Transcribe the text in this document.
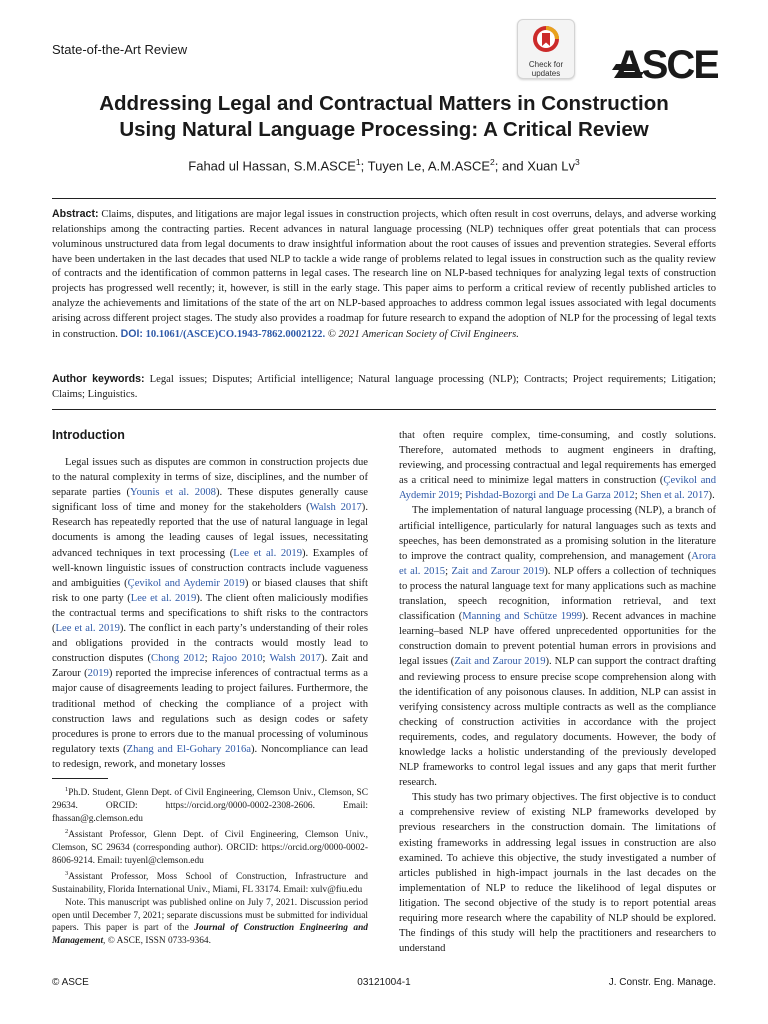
State-of-the-Art Review
Check for
updates	ASCE
Addressing Legal and Contractual Matters in Construction
Using Natural Language Processing: A Critical Review
Fahad ul Hassan, S.M.ASCE$^1$; Tuyen Le, A.M.ASCE$^2$; and Xuan Lv$^3$

Abstract: Claims, disputes, and litigations are major legal issues in construction projects, which often result in cost overruns, delays, and adverse working relationships among the contracting parties. Recent advances in natural language processing (NLP) techniques offer great potentials that can process voluminous unstructured data from legal documents to draw insightful information about the root causes of issues and prevention strategies. Several efforts have been undertaken in the last decades that used NLP to tackle a wide range of problems related to legal issues in construction such as the quality review of contracts and the identification of common patterns in legal cases. The research line on NLP-based techniques for analyzing legal texts of construction projects has progressed well recently; it, however, is still in the early stage. This paper aims to perform a critical review of recently published articles to analyze the achievements and limitations of the state of the art on NLP-based approaches to address common legal issues associated with legal documents arising across different project stages. The study also provides a roadmap for future research to expand the adoption of NLP for the processing of legal texts in construction. DOI: 10.1061/(ASCE)CO.1943-7862.0002122. © 2021 American Society of Civil Engineers.

Author keywords: Legal issues; Disputes; Artificial intelligence; Natural language processing (NLP); Contracts; Project requirements; Litigation; Claims; Linguistics.

Introduction

Legal issues such as disputes are common in construction projects due to the natural complexity in terms of size, disciplines, and the number of separate parties (Younis et al. 2008). These disputes generally cause significant loss of time and money for the stakeholders (Walsh 2017). Research has repeatedly reported that the use of natural language in legal documents is among the leading causes of legal issues, necessitating advanced techniques in text processing (Lee et al. 2019). Examples of well-known linguistic issues of construction contracts include vagueness and ambiguities (Çevikol and Aydemir 2019) or biased clauses that shift risk to one party (Lee et al. 2019). The client often maliciously modifies the contractual terms and specifications to shift risks to the contractors (Lee et al. 2019). The conflict in each party’s understanding of their roles and obligations provided in the contracts would mostly lead to construction disputes (Chong 2012; Rajoo 2010; Walsh 2017). Zait and Zarour (2019) reported the imprecise inferences of contractual terms as a major cause of disagreements leading to project failures. Furthermore, the traditional method of checking the compliance of a project with construction laws and regulations such as design codes or safety procedures is prone to errors due to the manual processing of voluminous regulatory texts (Zhang and El-Gohary 2016a). Noncompliance can lead to redesign, rework, and monetary losses

that often require complex, time-consuming, and costly solutions. Therefore, automated methods to augment engineers in drafting, reviewing, and processing contractual and legal requirements has emerged as a critical need to minimize legal matters in construction (Çevikol and Aydemir 2019; Pishdad-Bozorgi and De La Garza 2012; Shen et al. 2017).

The implementation of natural language processing (NLP), a branch of artificial intelligence, particularly for natural languages such as texts and speeches, has been demonstrated as a promising solution in the literature to improve the contract quality, comprehension, and management (Arora et al. 2015; Zait and Zarour 2019). NLP offers a collection of techniques to process the natural language text for many applications such as machine translation, speech recognition, information retrieval, and text classification (Manning and Schütze 1999). Recent advances in machine learning–based NLP have offered unprecedented opportunities for the construction domain to prevent potential human errors in provisions and legal issues (Zait and Zarour 2019). NLP can support the contract drafting and reviewing process to ensure precise scope comprehension along with the identification of any poisonous clauses. In addition, NLP can assist in verifying consistency across multiple contracts as well as the compliance checking of construction activities in accordance with the project requirements, codes, and regulatory documents. However, the body of knowledge lacks a holistic understanding of the previously developed NLP frameworks to control legal issues and any gaps that merit further research.

This study has two primary objectives. The first objective is to conduct a comprehensive review of existing NLP frameworks developed by previous researchers in the construction domain. The limitations of existing frameworks in addressing legal issues in construction are also examined. To achieve this objective, the study investigated a number of articles published in high-impact journals in the last decades on the implementation of NLP to reduce the likelihood of legal disputes or litigation. The second objective of the study is to report potential areas requiring more research where the capability of NLP should be explored. The findings of this study will help the practitioners and researchers to understand

$^1$Ph.D. Student, Glenn Dept. of Civil Engineering, Clemson Univ., Clemson, SC 29634. ORCID: https://orcid.org/0000-0002-2308-2606. Email: fhassan@g.clemson.edu

$^2$Assistant Professor, Glenn Dept. of Civil Engineering, Clemson Univ., Clemson, SC 29634 (corresponding author). ORCID: https://orcid.org/0000-0002-8606-9214. Email: tuyenl@clemson.edu

$^3$Assistant Professor, Moss School of Construction, Infrastructure and Sustainability, Florida International Univ., Miami, FL 33174. Email: xulv@fiu.edu

Note. This manuscript was published online on July 7, 2021. Discussion period open until December 7, 2021; separate discussions must be submitted for individual papers. This paper is part of the Journal of Construction Engineering and Management, © ASCE, ISSN 0733-9364.

03121004-1
© ASCE	J. Constr. Eng. Manage.
